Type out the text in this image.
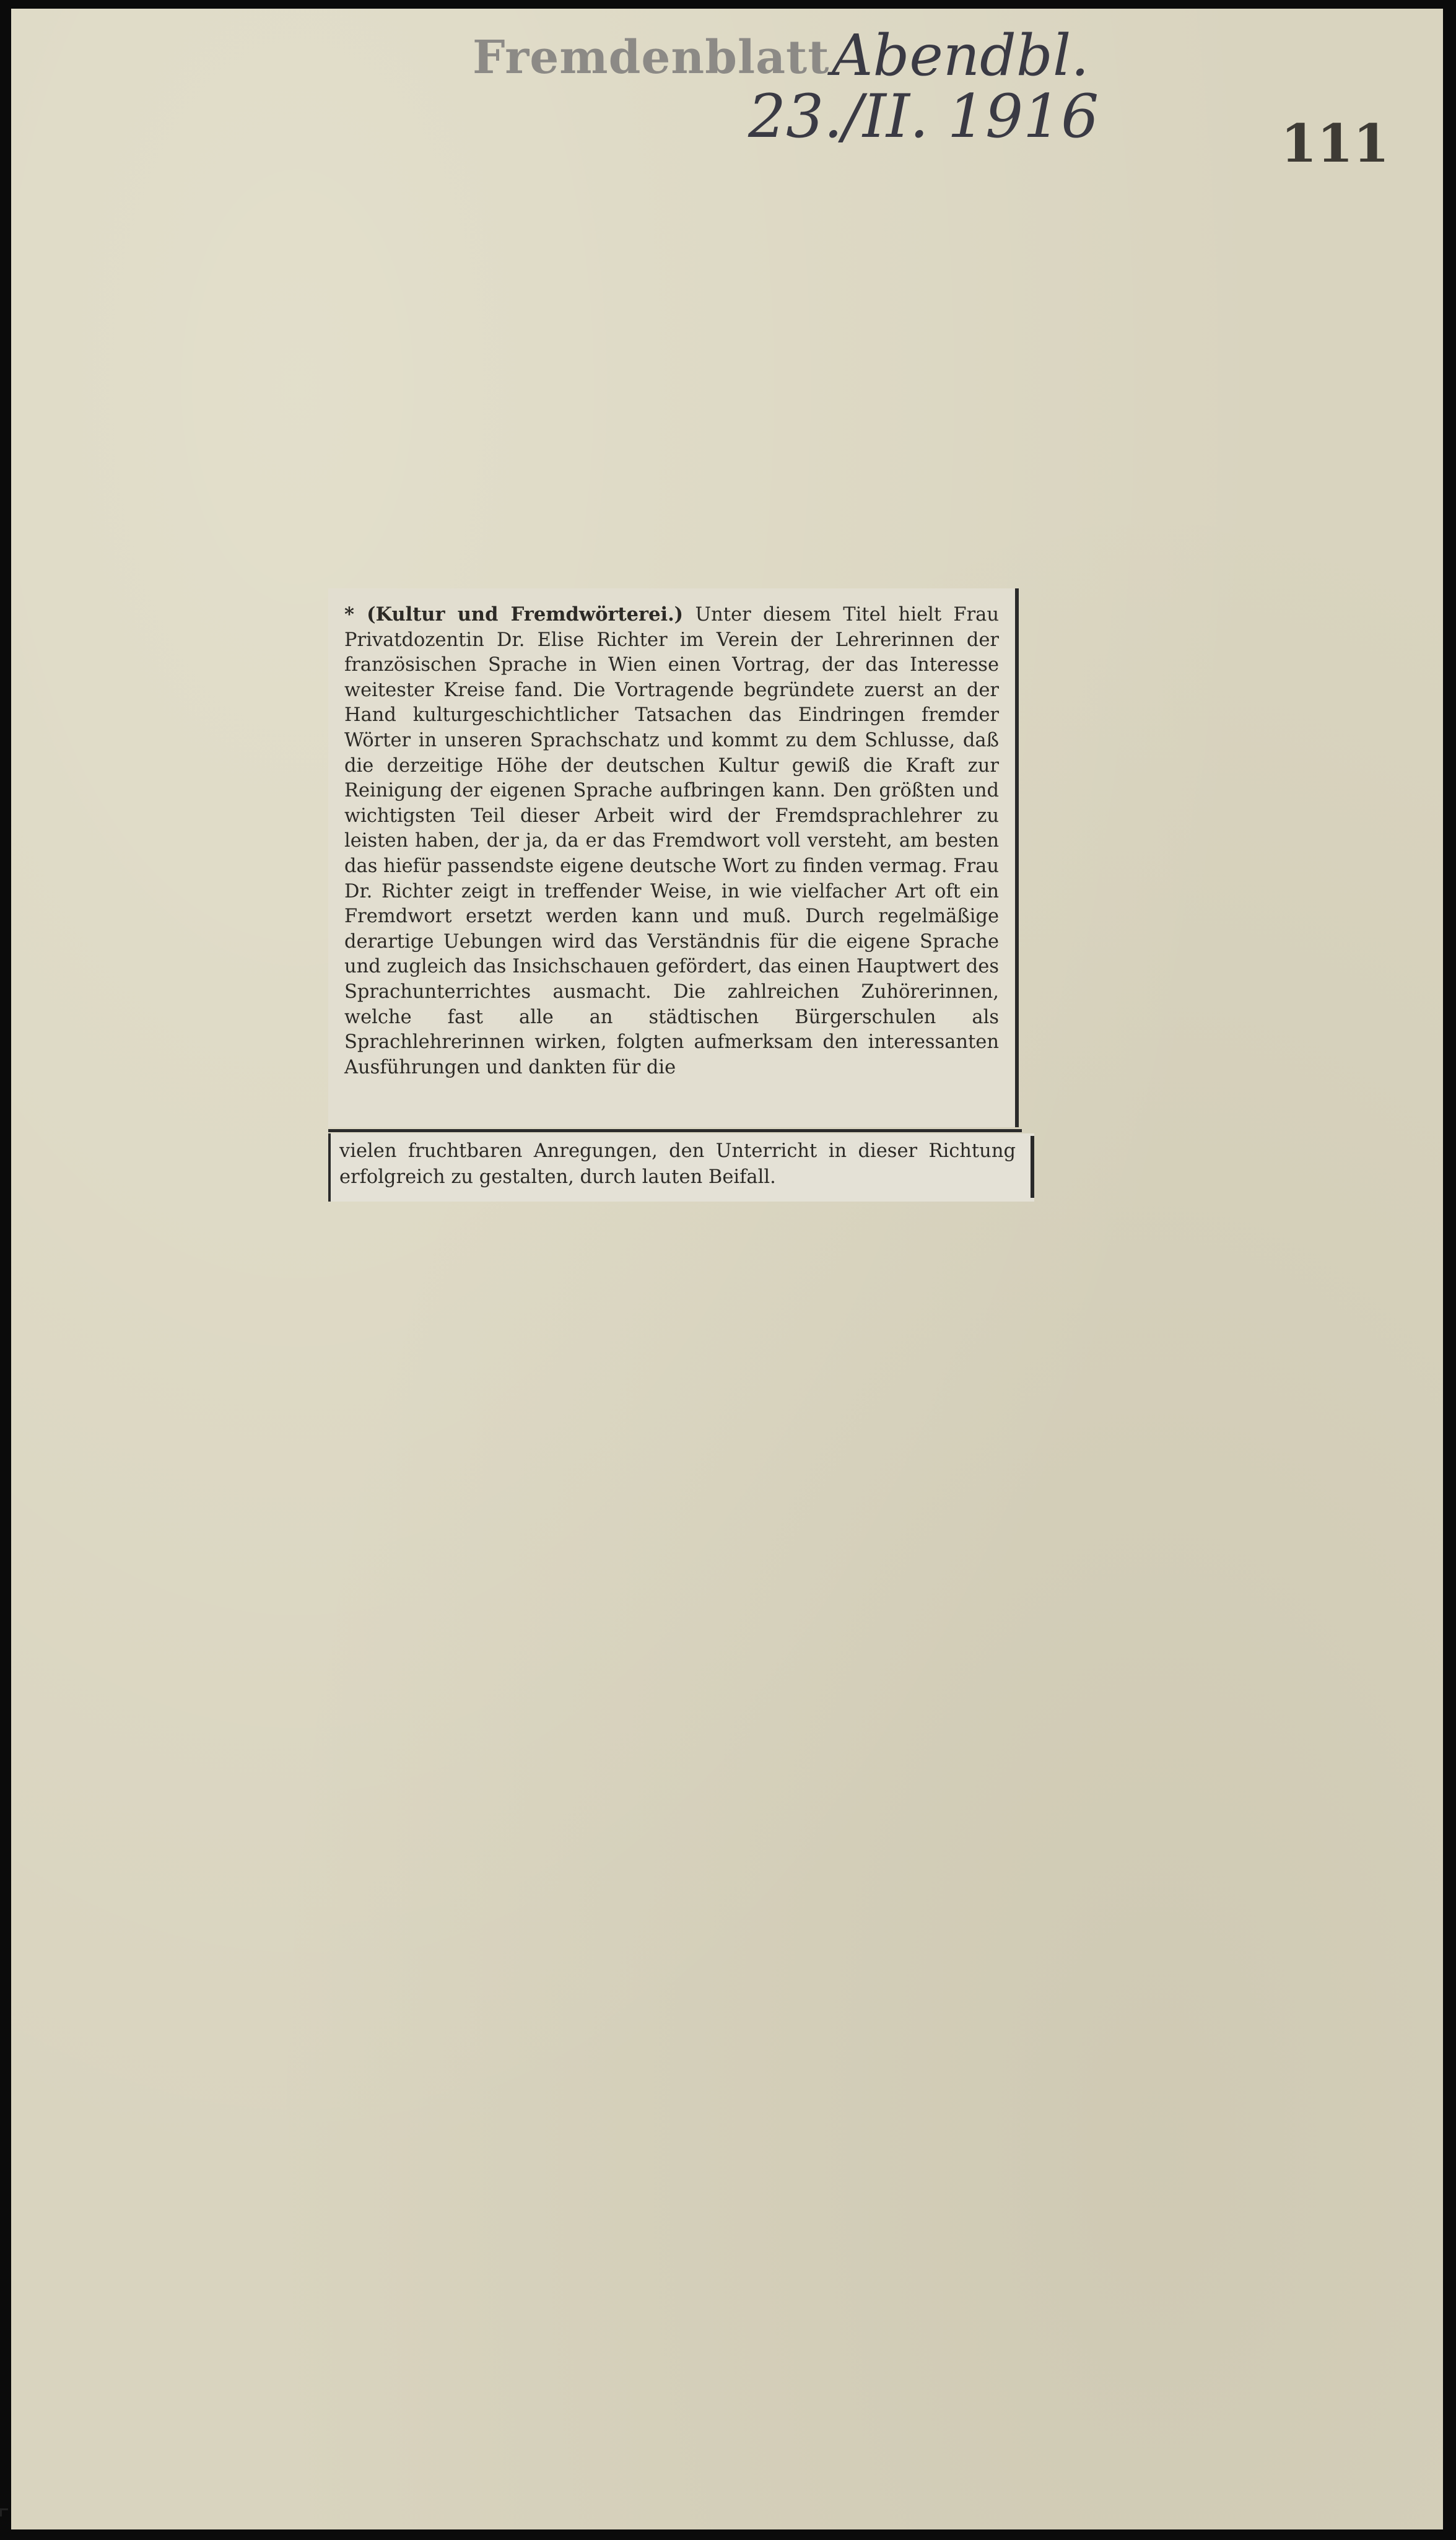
Fremdenblatt Abendbl.
23./II. 1916	111

* (Kultur und Fremdwörterei.) Unter diesem Titel hielt Frau Privatdozentin Dr. Elise Richter im Verein der Lehrerinnen der französischen Sprache in Wien einen Vortrag, der das Interesse weitester Kreise fand. Die Vortragende begründete zuerst an der Hand kulturgeschichtlicher Tatsachen das Eindringen fremder Wörter in unseren Sprachschatz und kommt zu dem Schlusse, daß die derzeitige Höhe der deutschen Kultur gewiß die Kraft zur Reinigung der eigenen Sprache aufbringen kann. Den größten und wichtigsten Teil dieser Arbeit wird der Fremdsprachlehrer zu leisten haben, der ja, da er das Fremdwort voll versteht, am besten das hiefür passendste eigene deutsche Wort zu finden vermag. Frau Dr. Richter zeigt in treffender Weise, in wie vielfacher Art oft ein Fremdwort ersetzt werden kann und muß. Durch regelmäßige derartige Uebungen wird das Verständnis für die eigene Sprache und zugleich das Insichschauen gefördert, das einen Hauptwert des Sprachunterrichtes ausmacht. Die zahlreichen Zuhörerinnen, welche fast alle an städtischen Bürgerschulen als Sprachlehrerinnen wirken, folgten aufmerksam den interessanten Ausführungen und dankten für die

vielen fruchtbaren Anregungen, den Unterricht in dieser Richtung erfolgreich zu gestalten, durch lauten Beifall.
